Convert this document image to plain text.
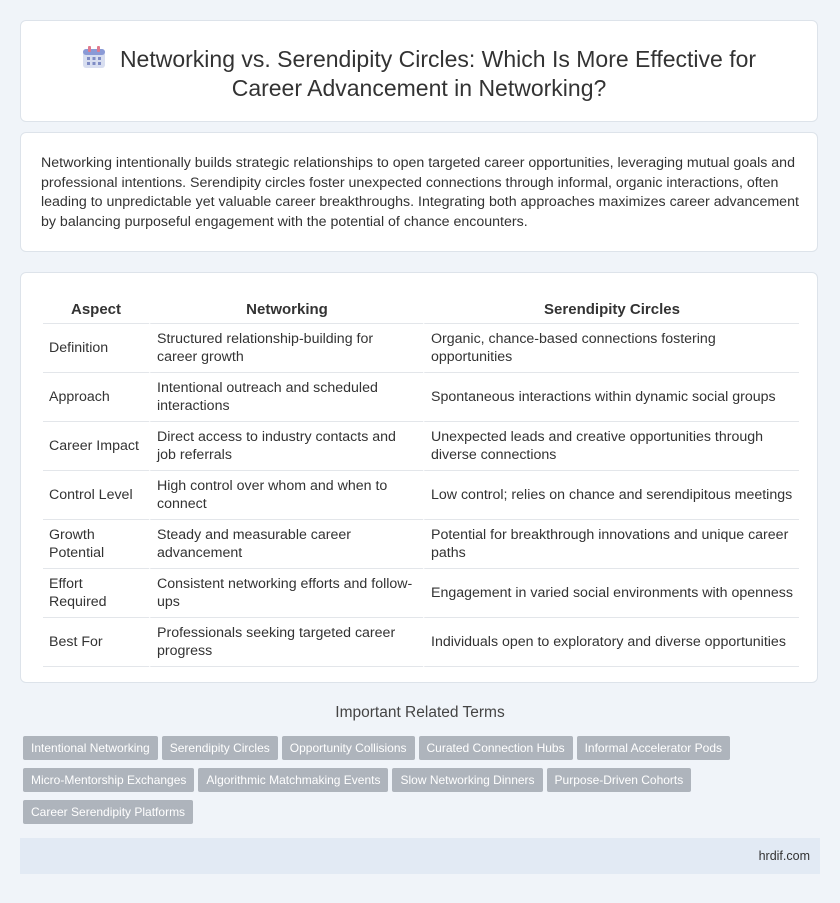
Networking vs. Serendipity Circles: Which Is More Effective for
Career Advancement in Networking?

Networking intentionally builds strategic relationships to open targeted career opportunities, leveraging mutual goals and professional intentions. Serendipity circles foster unexpected connections through informal, organic interactions, often leading to unpredictable yet valuable career breakthroughs. Integrating both approaches maximizes career advancement by balancing purposeful engagement with the potential of chance encounters.

Aspect	Networking	Serendipity Circles
Definition	Structured relationship-building for career growth	Organic, chance-based connections fostering opportunities
Approach	Intentional outreach and scheduled interactions	Spontaneous interactions within dynamic social groups
Career Impact	Direct access to industry contacts and job referrals	Unexpected leads and creative opportunities through diverse connections
Control Level	High control over whom and when to connect	Low control; relies on chance and serendipitous meetings
Growth Potential	Steady and measurable career advancement	Potential for breakthrough innovations and unique career paths
Effort Required	Consistent networking efforts and follow-ups	Engagement in varied social environments with openness
Best For	Professionals seeking targeted career progress	Individuals open to exploratory and diverse opportunities
Important Related Terms
Intentional Networking Serendipity Circles Opportunity Collisions Curated Connection Hubs Informal Accelerator PodsMicro-Mentorship Exchanges Algorithmic Matchmaking Events Slow Networking Dinners Purpose-Driven CohortsCareer Serendipity Platforms
hrdif.com
